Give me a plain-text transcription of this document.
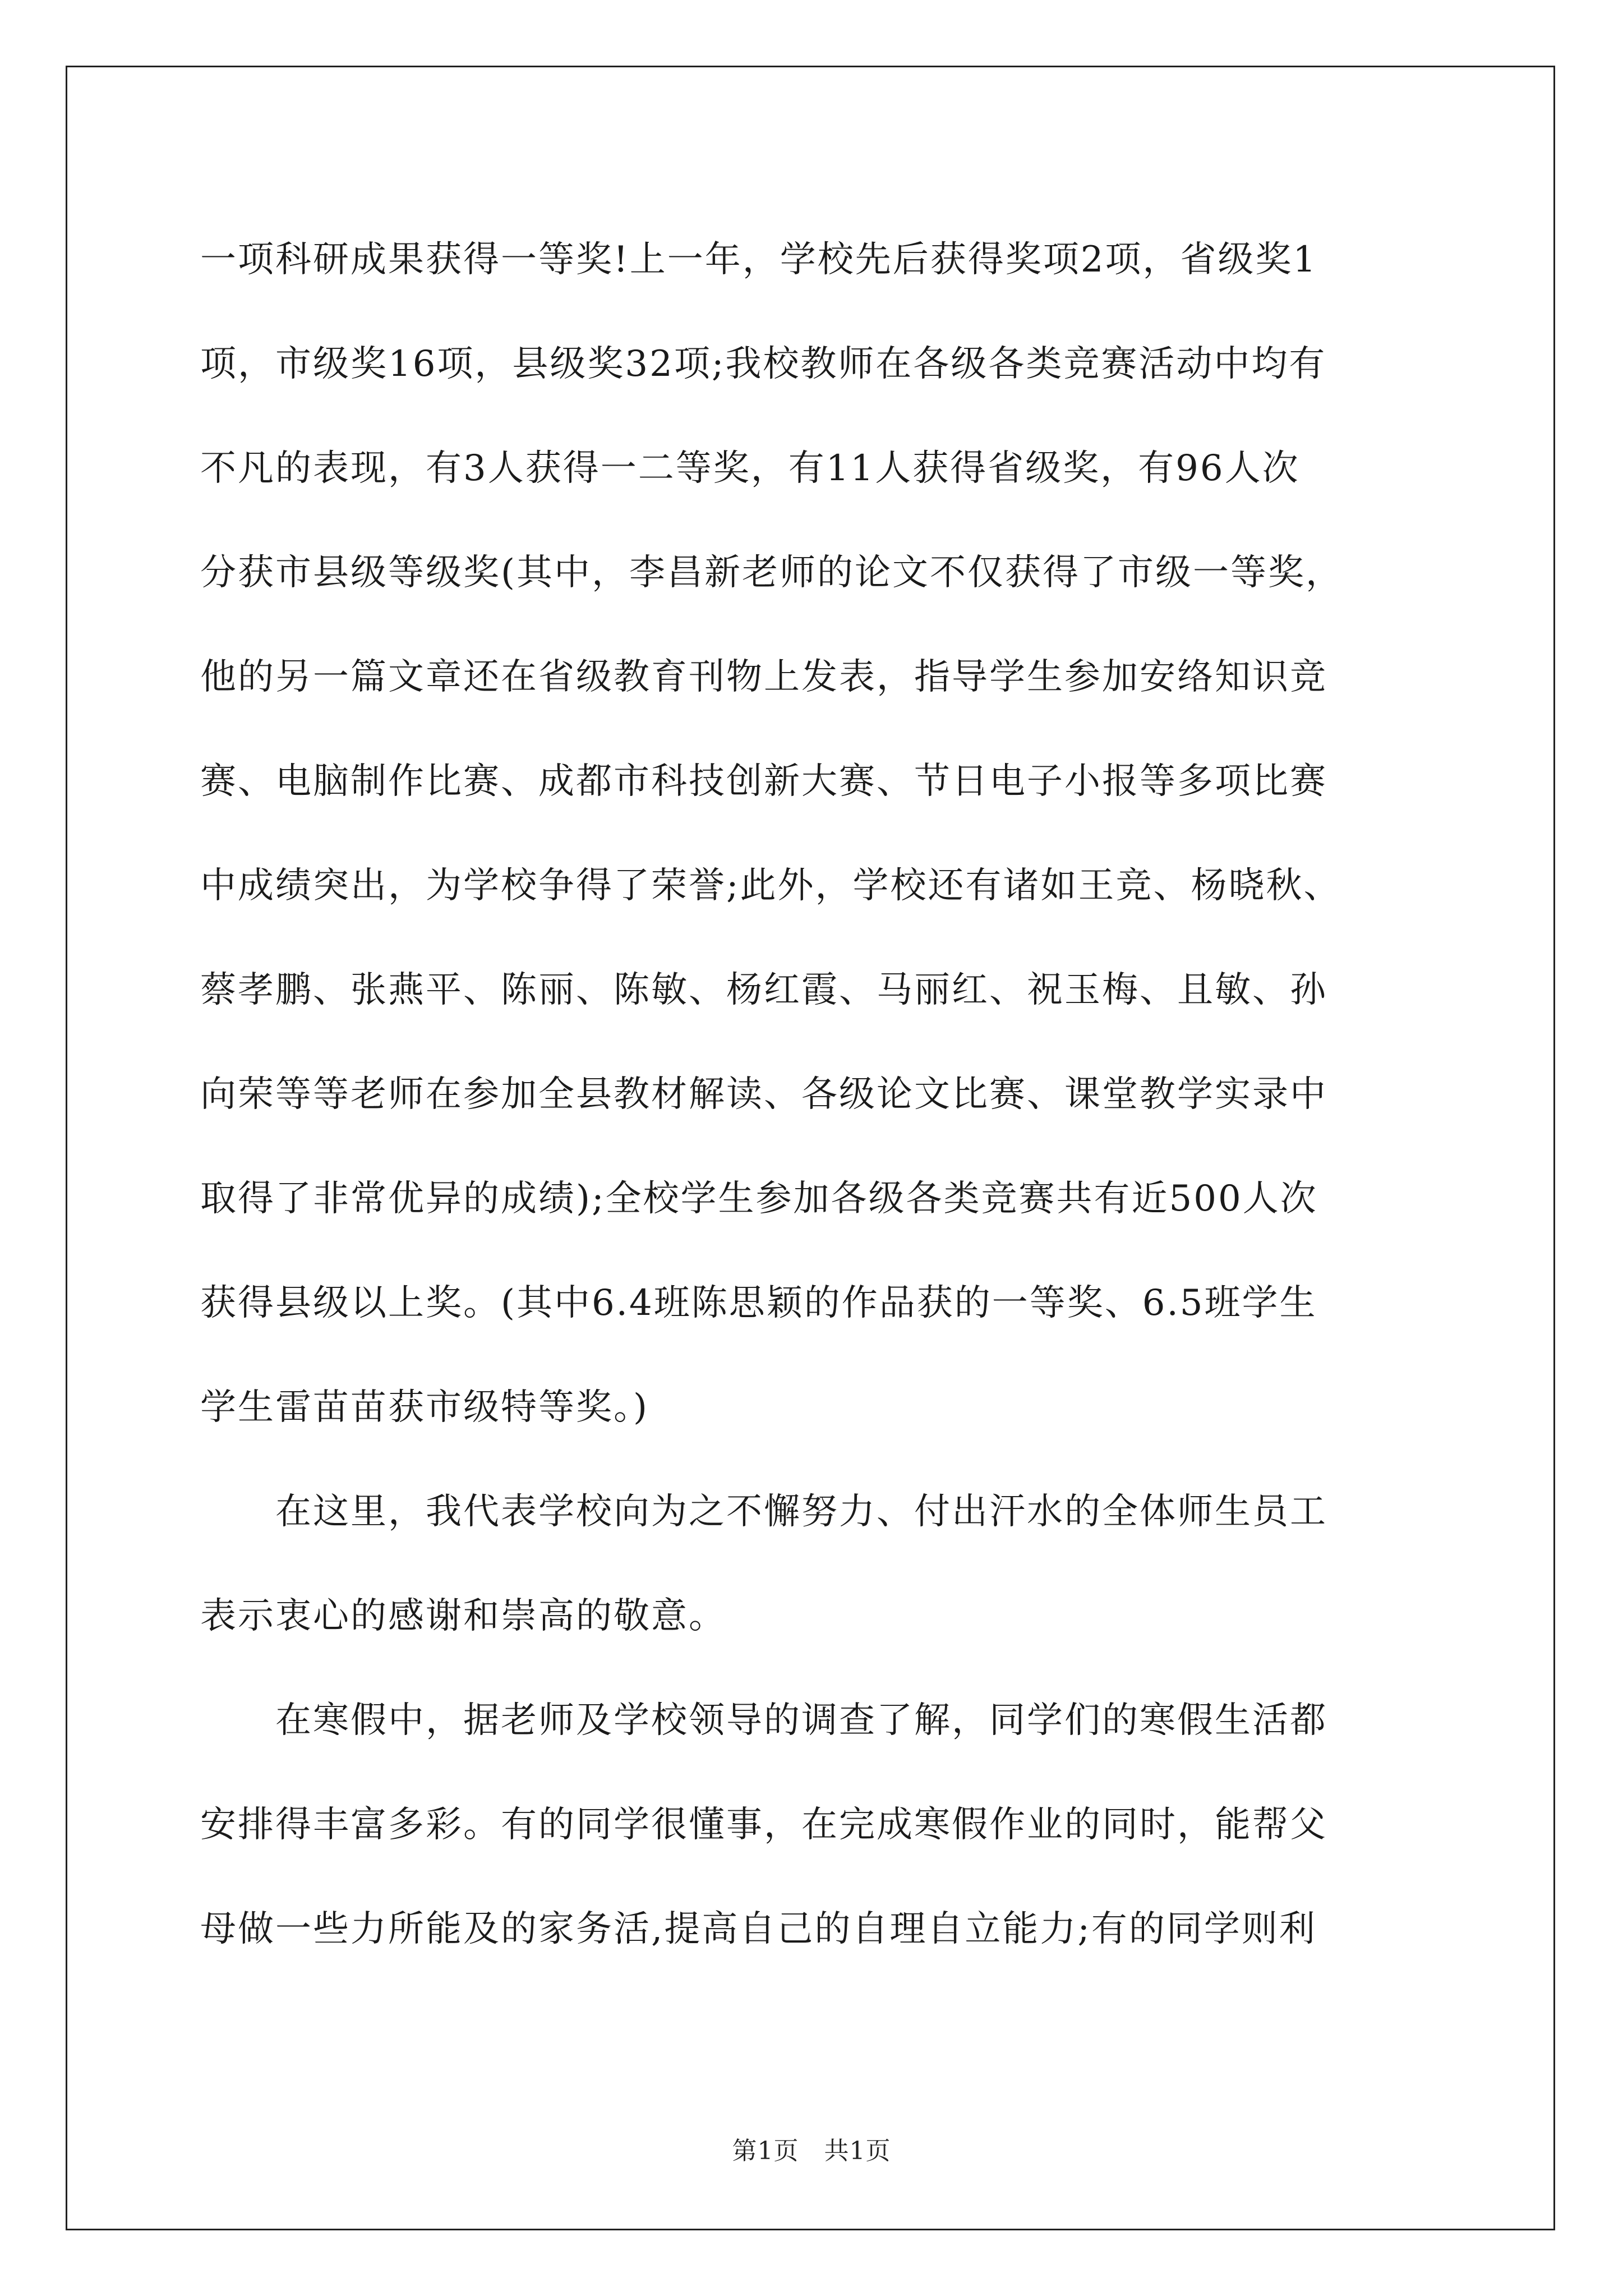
一项科研成果获得一等奖!上一年，学校先后获得奖项2项，省级奖1
项，市级奖16项，县级奖32项;我校教师在各级各类竞赛活动中均有
不凡的表现，有3人获得一二等奖，有11人获得省级奖，有96人次
分获市县级等级奖(其中，李昌新老师的论文不仅获得了市级一等奖，
他的另一篇文章还在省级教育刊物上发表，指导学生参加安络知识竞
赛、电脑制作比赛、成都市科技创新大赛、节日电子小报等多项比赛
中成绩突出，为学校争得了荣誉;此外，学校还有诸如王竞、杨晓秋、
蔡孝鹏、张燕平、陈丽、陈敏、杨红霞、马丽红、祝玉梅、且敏、孙
向荣等等老师在参加全县教材解读、各级论文比赛、课堂教学实录中
取得了非常优异的成绩);全校学生参加各级各类竞赛共有近500人次
获得县级以上奖。(其中6.4班陈思颖的作品获的一等奖、6.5班学生
学生雷苗苗获市级特等奖。)
　　在这里，我代表学校向为之不懈努力、付出汗水的全体师生员工
表示衷心的感谢和崇高的敬意。
　　在寒假中，据老师及学校领导的调查了解，同学们的寒假生活都
安排得丰富多彩。有的同学很懂事，在完成寒假作业的同时，能帮父
母做一些力所能及的家务活,提高自己的自理自立能力;有的同学则利
第1页　共1页
